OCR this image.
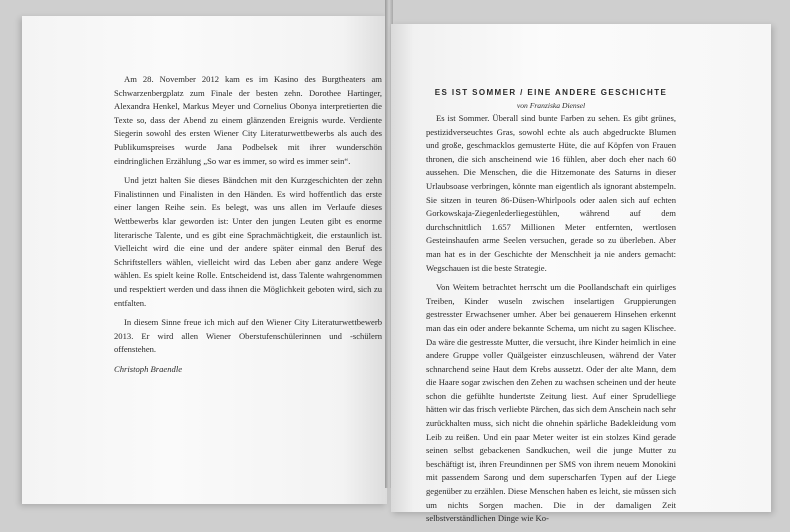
Am 28. November 2012 kam es im Kasino des Burgtheaters am Schwarzenbergplatz zum Finale der besten zehn. Dorothee Hartinger, Alexandra Henkel, Markus Meyer und Cornelius Obonya interpretierten die Texte so, dass der Abend zu einem glänzenden Ereignis wurde. Verdiente Siegerin sowohl des ersten Wiener City Literaturwettbewerbs als auch des Publikumspreises wurde Jana Podbelsek mit ihrer wunderschön eindringlichen Erzählung „So war es immer, so wird es immer sein“.

Und jetzt halten Sie dieses Bändchen mit den Kurzgeschichten der zehn Finalistinnen und Finalisten in den Händen. Es wird hoffentlich das erste einer langen Reihe sein. Es belegt, was uns allen im Verlaufe dieses Wettbewerbs klar geworden ist: Unter den jungen Leuten gibt es enorme literarische Talente, und es gibt eine Sprachmächtigkeit, die erstaunlich ist. Vielleicht wird die eine und der andere später einmal den Beruf des Schriftstellers wählen, vielleicht wird das Leben aber ganz andere Wege wählen. Es spielt keine Rolle. Entscheidend ist, dass Talente wahrgenommen und respektiert werden und dass ihnen die Möglichkeit geboten wird, sich zu entfalten.

In diesem Sinne freue ich mich auf den Wiener City Literaturwettbewerb 2013. Er wird allen Wiener Oberstufenschülerinnen und -schülern offenstehen.

Christoph Braendle

ES IST SOMMER / EINE ANDERE GESCHICHTE
von Franziska Diensel

Es ist Sommer. Überall sind bunte Farben zu sehen. Es gibt grünes, pestizidverseuchtes Gras, sowohl echte als auch abgedruckte Blumen und große, geschmacklos gemusterte Hüte, die auf Köpfen von Frauen thronen, die sich anscheinend wie 16 fühlen, aber doch eher nach 60 aussehen. Die Menschen, die die Hitzemonate des Saturns in dieser Urlaubsoase verbringen, könnte man eigentlich als ignorant abstempeln. Sie sitzen in teuren 86-Düsen-Whirlpools oder aalen sich auf echten Gorkowskaja-Ziegenlederliegestühlen, während auf dem durchschnittlich 1.657 Millionen Meter entfernten, wertlosen Gesteinshaufen arme Seelen versuchen, gerade so zu überleben. Aber man hat es in der Geschichte der Menschheit ja nie anders gemacht: Wegschauen ist die beste Strategie.

Von Weitem betrachtet herrscht um die Poollandschaft ein quirliges Treiben, Kinder wuseln zwischen inselartigen Gruppierungen gestresster Erwachsener umher. Aber bei genauerem Hinsehen erkennt man das ein oder andere bekannte Schema, um nicht zu sagen Klischee. Da wäre die gestresste Mutter, die versucht, ihre Kinder heimlich in eine andere Gruppe voller Quälgeister einzuschleusen, während der Vater schnarchend seine Haut dem Krebs aussetzt. Oder der alte Mann, dem die Haare sogar zwischen den Zehen zu wachsen scheinen und der heute schon die gefühlte hundertste Zeitung liest. Auf einer Sprudelliege hätten wir das frisch verliebte Pärchen, das sich dem Anschein nach sehr zurückhalten muss, sich nicht die ohnehin spärliche Badekleidung vom Leib zu reißen. Und ein paar Meter weiter ist ein stolzes Kind gerade seinen selbst gebackenen Sandkuchen, weil die junge Mutter zu beschäftigt ist, ihren Freundinnen per SMS von ihrem neuem Monokini mit passendem Sarong und dem superscharfen Typen auf der Liege gegenüber zu erzählen. Diese Menschen haben es leicht, sie müssen sich um nichts Sorgen machen. Die in der damaligen Zeit selbstverständlichen Dinge wie Ko-
